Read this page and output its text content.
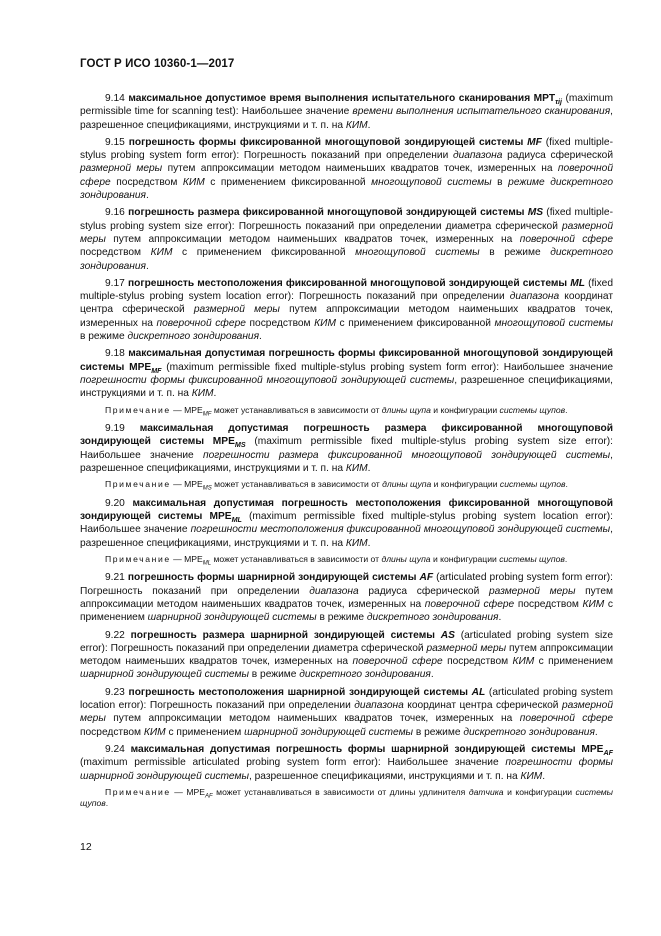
ГОСТ Р ИСО 10360-1—2017

9.14 максимальное допустимое время выполнения испытательного сканирования $MPT_{\tau ij}$ (maximum permissible time for scanning test): Наибольшее значение времени выполнения испытательного сканирования, разрешенное спецификациями, инструкциями и т. п. на КИМ.

9.15 погрешность формы фиксированной многощуповой зондирующей системы MF (fixed multiple-stylus probing system form error): Погрешность показаний при определении диапазона радиуса сферической размерной меры путем аппроксимации методом наименьших квадратов точек, измеренных на поверочной сфере посредством КИМ с применением фиксированной многощуповой системы в режиме дискретного зондирования.

9.16 погрешность размера фиксированной многощуповой зондирующей системы MS (fixed multiple-stylus probing system size error): Погрешность показаний при определении диаметра сферической размерной меры путем аппроксимации методом наименьших квадратов точек, измеренных на поверочной сфере посредством КИМ с применением фиксированной многощуповой системы в режиме дискретного зондирования.

9.17 погрешность местоположения фиксированной многощуповой зондирующей системы ML (fixed multiple-stylus probing system location error): Погрешность показаний при определении диапазона координат центра сферической размерной меры путем аппроксимации методом наименьших квадратов точек, измеренных на поверочной сфере посредством КИМ с применением фиксированной многощуповой системы в режиме дискретного зондирования.

9.18 максимальная допустимая погрешность формы фиксированной многощуповой зондирующей системы $MPE_{MF}$ (maximum permissible fixed multiple-stylus probing system form error): Наибольшее значение погрешности формы фиксированной многощуповой зондирующей системы, разрешенное спецификациями, инструкциями и т. п. на КИМ.

Примечание — $MPE_{MF}$ может устанавливаться в зависимости от длины щупа и конфигурации системы щупов.

9.19 максимальная допустимая погрешность размера фиксированной многощуповой зондирующей системы $MPE_{MS}$ (maximum permissible fixed multiple-stylus probing system size error): Наибольшее значение погрешности размера фиксированной многощуповой зондирующей системы, разрешенное спецификациями, инструкциями и т. п. на КИМ.

Примечание — $MPE_{MS}$ может устанавливаться в зависимости от длины щупа и конфигурации системы щупов.

9.20 максимальная допустимая погрешность местоположения фиксированной многощуповой зондирующей системы $MPE_{ML}$ (maximum permissible fixed multiple-stylus probing system location error): Наибольшее значение погрешности местоположения фиксированной многощуповой зондирующей системы, разрешенное спецификациями, инструкциями и т. п. на КИМ.

Примечание — $MPE_{ML}$ может устанавливаться в зависимости от длины щупа и конфигурации системы щупов.

9.21 погрешность формы шарнирной зондирующей системы AF (articulated probing system form error): Погрешность показаний при определении диапазона радиуса сферической размерной меры путем аппроксимации методом наименьших квадратов точек, измеренных на поверочной сфере посредством КИМ с применением шарнирной зондирующей системы в режиме дискретного зондирования.

9.22 погрешность размера шарнирной зондирующей системы AS (articulated probing system size error): Погрешность показаний при определении диаметра сферической размерной меры путем аппроксимации методом наименьших квадратов точек, измеренных на поверочной сфере посредством КИМ с применением шарнирной зондирующей системы в режиме дискретного зондирования.

9.23 погрешность местоположения шарнирной зондирующей системы AL (articulated probing system location error): Погрешность показаний при определении диапазона координат центра сферической размерной меры путем аппроксимации методом наименьших квадратов точек, измеренных на поверочной сфере посредством КИМ с применением шарнирной зондирующей системы в режиме дискретного зондирования.

9.24 максимальная допустимая погрешность формы шарнирной зондирующей системы $MPE_{AF}$ (maximum permissible articulated probing system form error): Наибольшее значение погрешности формы шарнирной зондирующей системы, разрешенное спецификациями, инструкциями и т. п. на КИМ.

Примечание — $MPE_{AF}$ может устанавливаться в зависимости от длины удлинителя датчика и конфигурации системы щупов.

12
